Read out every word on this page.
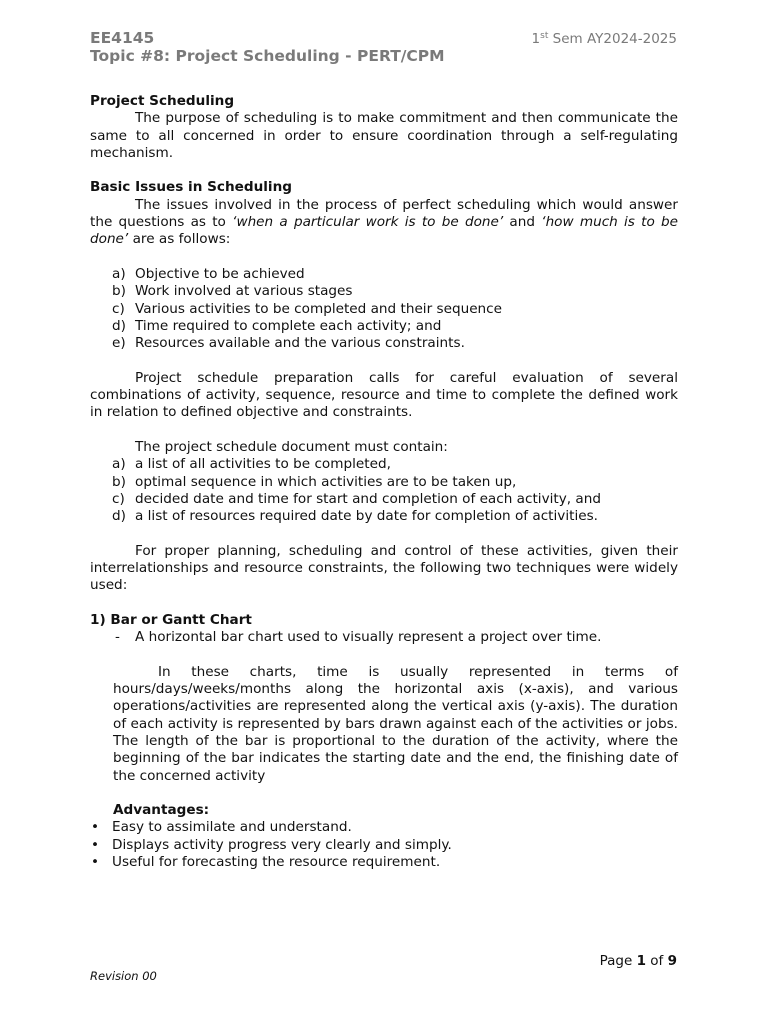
EE4145
Topic #8: Project Scheduling - PERT/CPM
1st Sem AY2024-2025

Project Scheduling

The purpose of scheduling is to make commitment and then communicate the same to all concerned in order to ensure coordination through a self-regulating mechanism.

Basic Issues in Scheduling

The issues involved in the process of perfect scheduling which would answer the questions as to ‘when a particular work is to be done’ and ‘how much is to be done’ are as follows:

a) Objective to be achieved
b) Work involved at various stages
c) Various activities to be completed and their sequence
d) Time required to complete each activity; and
e) Resources available and the various constraints.

Project schedule preparation calls for careful evaluation of several combinations of activity, sequence, resource and time to complete the defined work in relation to defined objective and constraints.

The project schedule document must contain:

a) a list of all activities to be completed,
b) optimal sequence in which activities are to be taken up,
c) decided date and time for start and completion of each activity, and
d) a list of resources required date by date for completion of activities.

For proper planning, scheduling and control of these activities, given their interrelationships and resource constraints, the following two techniques were widely used:

1) Bar or Gantt Chart

- A horizontal bar chart used to visually represent a project over time.

In these charts, time is usually represented in terms of hours/days/weeks/months along the horizontal axis (x-axis), and various operations/activities are represented along the vertical axis (y-axis). The duration of each activity is represented by bars drawn against each of the activities or jobs. The length of the bar is proportional to the duration of the activity, where the beginning of the bar indicates the starting date and the end, the finishing date of the concerned activity

Advantages:

• Easy to assimilate and understand.
• Displays activity progress very clearly and simply.
• Useful for forecasting the resource requirement.
Page 1 of 9
Revision 00
